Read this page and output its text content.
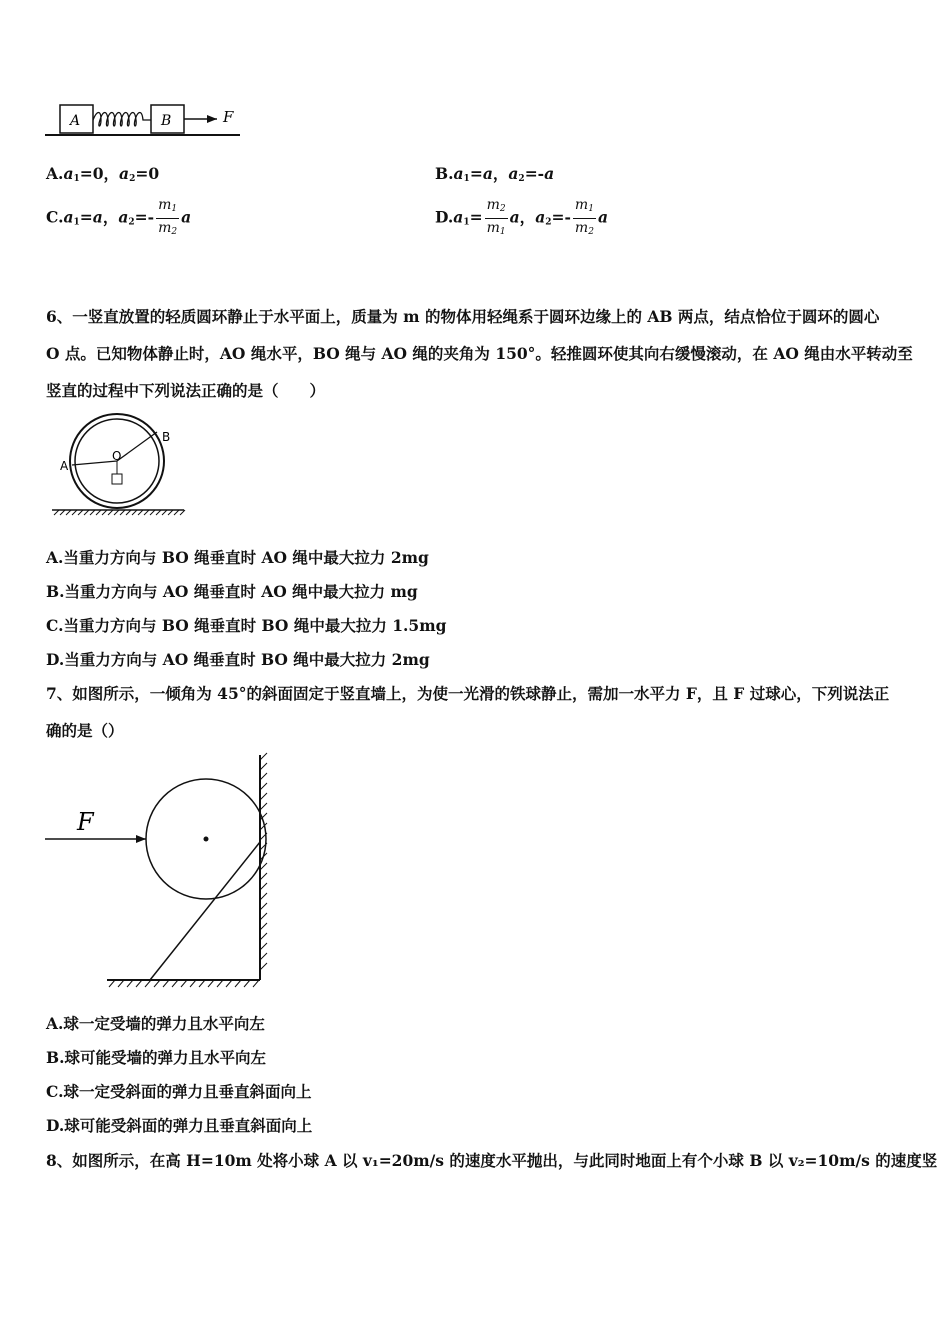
A	B	F
$A.a_1=0$，$a_2=0$	$B.a_1=a$，$a_2=-a$
$C.a_1=a$，$a_2=- \frac{m_1}{m_2}$ a	$D.a_1= \frac{m_2}{m_1}$ a，$a_2=- \frac{m_1}{m_2}$ a
6、一竖直放置的轻质圆环静止于水平面上，质量为 m 的物体用轻绳系于圆环边缘上的 AB 两点，结点恰位于圆环的圆心
O 点。已知物体静止时，AO 绳水平，BO 绳与 AO 绳的夹角为 150°。轻推圆环使其向右缓慢滚动，在 AO 绳由水平转动至
竖直的过程中下列说法正确的是（　　）
A
B
O
A.当重力方向与 BO 绳垂直时 AO 绳中最大拉力 2mg
B.当重力方向与 AO 绳垂直时 AO 绳中最大拉力 mg
C.当重力方向与 BO 绳垂直时 BO 绳中最大拉力 1.5mg
D.当重力方向与 AO 绳垂直时 BO 绳中最大拉力 2mg
7、如图所示，一倾角为 45°的斜面固定于竖直墙上，为使一光滑的铁球静止，需加一水平力 F，且 F 过球心，下列说法正
确的是（）
F
A.球一定受墙的弹力且水平向左
B.球可能受墙的弹力且水平向左
C.球一定受斜面的弹力且垂直斜面向上
D.球可能受斜面的弹力且垂直斜面向上
8、如图所示，在高 H=10m 处将小球 A 以 v₁=20m/s 的速度水平抛出，与此同时地面上有个小球 B 以 v₂=10m/s 的速度竖
